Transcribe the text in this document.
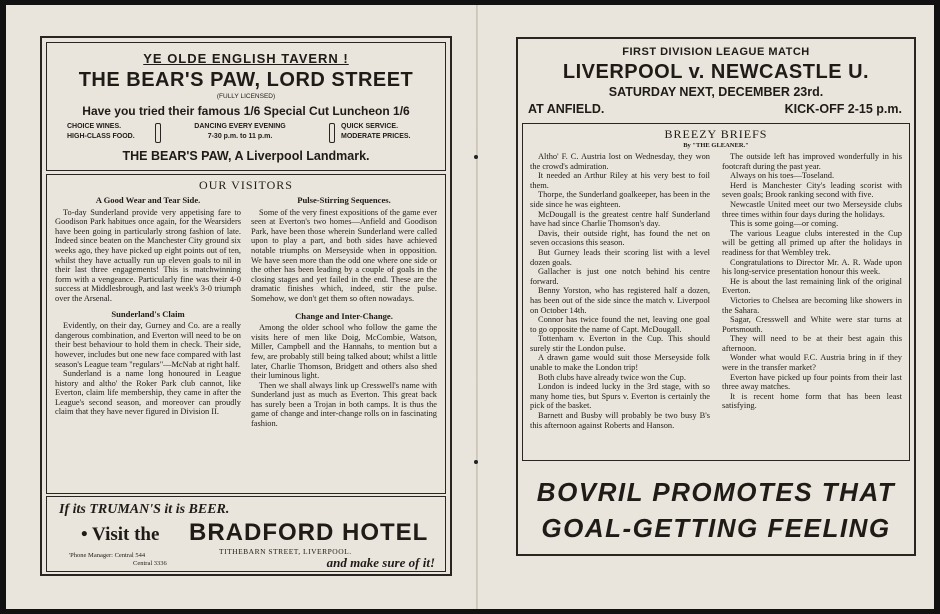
YE OLDE ENGLISH TAVERN !
THE BEAR'S PAW, LORD STREET
(FULLY LICENSED)
Have you tried their famous 1/6 Special Cut Luncheon 1/6
CHOICE WINES.
HIGH-CLASS FOOD.
DANCING EVERY EVENING
7-30 p.m. to 11 p.m.
QUICK SERVICE.
MODERATE PRICES.
THE BEAR'S PAW, A Liverpool Landmark.
OUR VISITORS
A Good Wear and Tear Side.

To-day Sunderland provide very appetising fare to Goodison Park habitues once again, for the Wearsiders have been going in particularly strong fashion of late. Indeed since beaten on the Manchester City ground six weeks ago, they have picked up eight points out of ten, whilst they have actually run up eleven goals to nil in their last three engagements! This is matchwinning form with a vengeance. Particularly fine was their 4-0 success at Middlesbrough, and last week's 3-0 triumph over the Arsenal.

Sunderland's Claim

Evidently, on their day, Gurney and Co. are a really dangerous combination, and Everton will need to be on their best behaviour to hold them in check. Their side, however, includes but one new face compared with last season's League team "regulars"—McNab at right half.

Sunderland is a name long honoured in League history and altho' the Roker Park club cannot, like Everton, claim life membership, they came in after the League's second season, and moreover can proudly claim that they have never figured in Division II.

Pulse-Stirring Sequences.

Some of the very finest expositions of the game ever seen at Everton's two homes—Anfield and Goodison Park, have been those wherein Sunderland were called upon to play a part, and both sides have achieved notable triumphs on Merseyside when in opposition. We have seen more than the odd one where one side or the other has been leading by a couple of goals in the closing stages and yet failed in the end. These are the dramatic finishes which, indeed, stir the pulse. Somehow, we don't get them so often nowadays.

Change and Inter-Change.

Among the older school who follow the game the visits here of men like Doig, McCombie, Watson, Miller, Campbell and the Hannahs, to mention but a few, are probably still being talked about; whilst a little later, Charlie Thomson, Bridgett and others also shed their luminous light.

Then we shall always link up Cresswell's name with Sunderland just as much as Everton. This great back has surely been a Trojan in both camps. It is thus the game of change and inter-change rolls on in fascinating fashion.

If its TRUMAN'S it is BEER.
• Visit the BRADFORD HOTEL
TITHEBARN STREET, LIVERPOOL.
'Phone Manager: Central 544
Central 3336	and make sure of it!
FIRST DIVISION LEAGUE MATCH
LIVERPOOL v. NEWCASTLE U.
SATURDAY NEXT, DECEMBER 23rd.
AT ANFIELD.	KICK-OFF 2-15 p.m.
BREEZY BRIEFS
By "THE GLEANER."

Altho' F. C. Austria lost on Wednesday, they won the crowd's admiration.

It needed an Arthur Riley at his very best to foil them.

Thorpe, the Sunderland goalkeeper, has been in the side since he was eighteen.

McDougall is the greatest centre half Sunderland have had since Charlie Thomson's day.

Davis, their outside right, has found the net on seven occasions this season.

But Gurney leads their scoring list with a level dozen goals.

Gallacher is just one notch behind his centre forward.

Benny Yorston, who has registered half a dozen, has been out of the side since the match v. Liverpool on October 14th.

Connor has twice found the net, leaving one goal to go opposite the name of Capt. McDougall.

Tottenham v. Everton in the Cup. This should surely stir the London pulse.

A drawn game would suit those Merseyside folk unable to make the London trip!

Both clubs have already twice won the Cup.

London is indeed lucky in the 3rd stage, with so many home ties, but Spurs v. Everton is certainly the pick of the basket.

Barnett and Busby will probably be two busy B's this afternoon against Roberts and Hanson.

The outside left has improved wonderfully in his footcraft during the past year.

Always on his toes—Toseland.

Herd is Manchester City's leading scorist with seven goals; Brook ranking second with five.

Newcastle United meet our two Merseyside clubs three times within four days during the holidays.

This is some going—or coming.

The various League clubs interested in the Cup will be getting all primed up after the holidays in readiness for that Wembley trek.

Congratulations to Director Mr. A. R. Wade upon his long-service presentation honour this week.

He is about the last remaining link of the original Everton.

Victories to Chelsea are becoming like showers in the Sahara.

Sagar, Cresswell and White were star turns at Portsmouth.

They will need to be at their best again this afternoon.

Wonder what would F.C. Austria bring in if they were in the transfer market?

Everton have picked up four points from their last three away matches.

It is recent home form that has been least satisfying.

BOVRIL PROMOTES THAT
GOAL-GETTING FEELING
